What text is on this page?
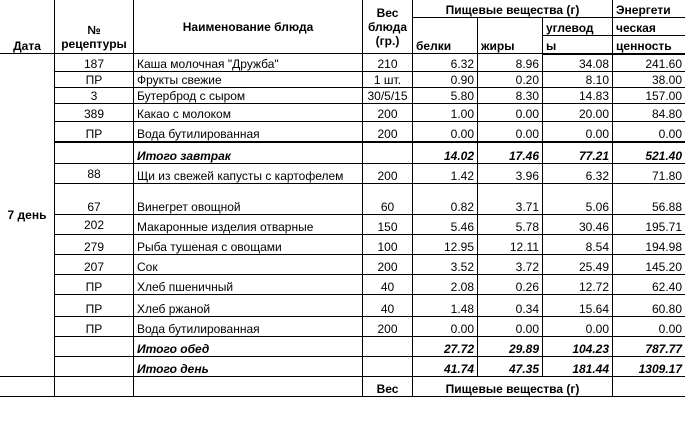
Дата	№ рецептуры	Наименование блюда	Вес блюда (гр.)	Пищевые вещества (г)			Энергети
				белки	жиры	углевод	ческая
						ы	ценность
7 день	187	Каша молочная "Дружба"	210	6.32	8.96	34.08	241.60
	ПР	Фрукты свежие	1 шт.	0.90	0.20	8.10	38.00
	3	Бутерброд с сыром	30/5/15	5.80	8.30	14.83	157.00
	389	Какао с молоком	200	1.00	0.00	20.00	84.80
	ПР	Вода бутилированная	200	0.00	0.00	0.00	0.00
		Итого завтрак		14.02	17.46	77.21	521.40
	88	Щи из свежей капусты с картофелем	200	1.42	3.96	6.32	71.80
	67	Винегрет овощной	60	0.82	3.71	5.06	56.88
	202	Макаронные изделия отварные	150	5.46	5.78	30.46	195.71
	279	Рыба тушеная с овощами	100	12.95	12.11	8.54	194.98
	207	Сок	200	3.52	3.72	25.49	145.20
	ПР	Хлеб пшеничный	40	2.08	0.26	12.72	62.40
	ПР	Хлеб ржаной	40	1.48	0.34	15.64	60.80
	ПР	Вода бутилированная	200	0.00	0.00	0.00	0.00
		Итого обед		27.72	29.89	104.23	787.77
		Итого день		41.74	47.35	181.44	1309.17
			Вес	Пищевые вещества (г)			
